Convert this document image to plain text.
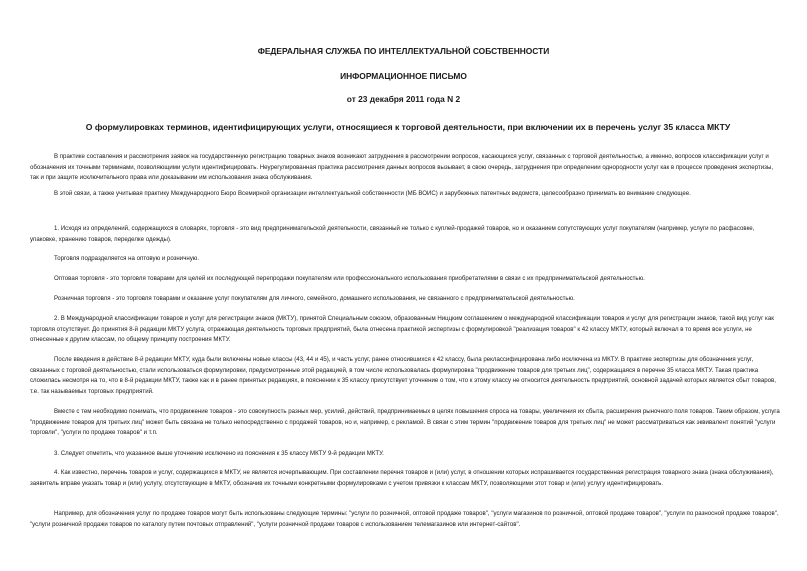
ФЕДЕРАЛЬНАЯ СЛУЖБА ПО ИНТЕЛЛЕКТУАЛЬНОЙ СОБСТВЕННОСТИ
ИНФОРМАЦИОННОЕ ПИСЬМО
от 23 декабря 2011 года N 2
О формулировках терминов, идентифицирующих услуги, относящиеся к торговой деятельности, при включении их в перечень услуг 35 класса МКТУ

В практике составления и рассмотрения заявок на государственную регистрацию товарных знаков возникают затруднения в рассмотрении вопросов, касающихся услуг, связанных с торговой деятельностью, а именно, вопросов классификации услуг и обозначения их точными терминами, позволяющими услуги идентифицировать. Неурегулированная практика рассмотрения данных вопросов вызывает, в свою очередь, затруднения при определении однородности услуг как в процессе проведения экспертизы, так и при защите исключительного права или доказывании им использования знака обслуживания.

В этой связи, а также учитывая практику Международного Бюро Всемирной организации интеллектуальной собственности (МБ ВОИС) и зарубежных патентных ведомств, целесообразно принимать во внимание следующее.

1. Исходя из определений, содержащихся в словарях, торговля - это вид предпринимательской деятельности, связанный не только с куплей-продажей товаров, но и оказанием сопутствующих услуг покупателям (например, услуги по расфасовке, упаковке, хранению товаров, переделке одежды).

Торговля подразделяется на оптовую и розничную.

Оптовая торговля - это торговля товарами для целей их последующей перепродажи покупателям или профессионального использования приобретателями в связи с их предпринимательской деятельностью.

Розничная торговля - это торговля товарами и оказание услуг покупателям для личного, семейного, домашнего использования, не связанного с предпринимательской деятельностью.

2. В Международной классификации товаров и услуг для регистрации знаков (МКТУ), принятой Специальным союзом, образованным Ниццким соглашением о международной классификации товаров и услуг для регистрации знаков, такой вид услуг как торговля отсутствует. До принятия 8-й редакции МКТУ услуга, отражающая деятельность торговых предприятий, была отнесена практикой экспертизы с формулировкой "реализация товаров" к 42 классу МКТУ, который включал в то время все услуги, не отнесенные к другим классам, по общему принципу построения МКТУ.

После введения в действие 8-й редакции МКТУ, куда были включены новые классы (43, 44 и 45), и часть услуг, ранее относившихся к 42 классу, была реклассифицирована либо исключена из МКТУ. В практике экспертизы для обозначения услуг, связанных с торговой деятельностью, стали использоваться формулировки, предусмотренные этой редакцией, в том числе использовалась формулировка "продвижение товаров для третьих лиц", содержащаяся в перечне 35 класса МКТУ. Такая практика сложилась несмотря на то, что в 8-й редакции МКТУ, также как и в ранее принятых редакциях, в пояснении к 35 классу присутствует уточнение о том, что к этому классу не относится деятельность предприятий, основной задачей которых является сбыт товаров, т.е. так называемых торговых предприятий.

Вместе с тем необходимо понимать, что продвижение товаров - это совокупность разных мер, усилий, действий, предпринимаемых в целях повышения спроса на товары, увеличения их сбыта, расширения рыночного поля товаров. Таким образом, услуга "продвижение товаров для третьих лиц" может быть связана не только непосредственно с продажей товаров, но и, например, с рекламой. В связи с этим термин "продвижение товаров для третьих лиц" не может рассматриваться как эквивалент понятий "услуги торговли", "услуги по продаже товаров" и т.п.

3. Следует отметить, что указанное выше уточнение исключено из пояснения к 35 классу МКТУ 9-й редакции МКТУ.

4. Как известно, перечень товаров и услуг, содержащихся в МКТУ, не является исчерпывающим. При составлении перечня товаров и (или) услуг, в отношении которых испрашивается государственная регистрация товарного знака (знака обслуживания), заявитель вправе указать товар и (или) услугу, отсутствующие в МКТУ, обозначив их точными конкретными формулировками с учетом привязки к классам МКТУ, позволяющими этот товар и (или) услугу идентифицировать.

Например, для обозначения услуг по продаже товаров могут быть использованы следующие термины: "услуги по розничной, оптовой продаже товаров", "услуги магазинов по розничной, оптовой продаже товаров", "услуги по разносной продаже товаров", "услуги розничной продажи товаров по каталогу путем почтовых отправлений", "услуги розничной продажи товаров с использованием телемагазинов или интернет-сайтов".
